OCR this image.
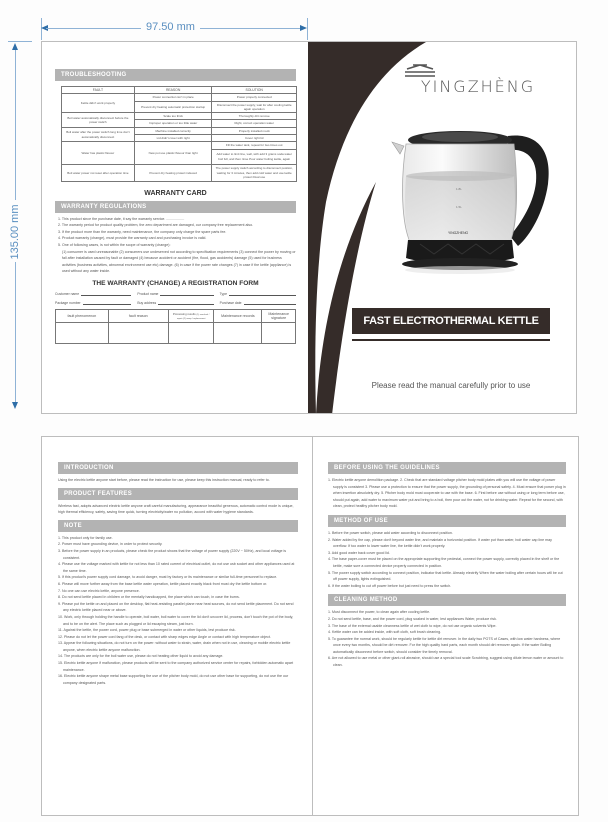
97.50 mm
135.00 mm
TROUBLESHOOTING
FAULT	REASON	SOLUTION
Kettle didn't work properly	Power connection isn't in place	Power properly connected
	Prevent dry heating automatic protection startup	Disconnect the power supply, wait for after cooling kettle again operation
Boil water automatically disconnect before the power switch	Scale too thick	Thoroughly dirt remove
	Improper operation or too little water	Right, correct operation water
Boil water after the power switch long time don't automatically disconnect	Machine installed correctly	Properly installed mock
	Lid didn't cover with right	Cover right lid
Water has plastic flavour	New pot use plastic flavour than light	Fill the water tank, repeat for two times out
		Add water to limit line, well, with add 3 grams soda water boil full, and then rinse Pour water boiling kettle, again
Boil water power not reset after operation time	Prevent dry heating protect indexed	The power supply switch according to disconnect position, waiting for 3 minutes, then add cold water and use kettle protect Dual use
WARRANTY CARD
WARRANTY REGULATIONS

1. This product since the purchase date, it say the warranty service. ..................

2. The warranty period for product quality problem, the zero department are damaged, our company free replacement also.

3. If the product more than the warranty, need maintenance, the company only charge the spare parts fee.

4. Product warranty (change), must provide the warranty card and purchasing invoice is valid.

5. One of following cases, is not within the scope of warranty (change):

(1) consumer is used unreasonable (2) consumers use undeserved not according to specification requirements (3) connect the power by moving or fall after installation caused by fault or damaged (4) because accident or accident (fire, flood, gas accidents) damage (5) used for business activities (business activities, abnormal environment use etc) damage. (6) in case if the power rate changes (7) in case if the kettle (appliance) is used without any water inside.

THE WARRANTY (CHANGE) A REGISTRATION FORM
Customer name	Product name	Type
Package number	Buy address	Purchase date
fault phenomenon	fault reason	Processing results (1) overhaul / repair (2) swap / replacement	Maintenance records	Maintenance signature

YINGZHÈNG
1.8L
1.5L
YINGZHENG
FAST ELECTROTHERMAL KETTLE INSTRUCTIONS
Please read the manual carefully prior to use
INTRODUCTION

Using the electric kettle anyone start before, please read the instruction for use, please keep this instruction manual, ready to refer to.

PRODUCT FEATURES

Wireless fast, adopts advanced electric kettle anyone craft careful manufacturing, appearance beautiful generous, automatic control mode is unique, high thermal efficiency, safety, saving time quick, turning electricity/water no pollution, accord with water hygiene standards.

NOTE

1. This product only for family use.

2. Power must have grounding device, in order to protect security.

3. Before the power supply in an products, please check the product shows that the voltage of power supply (220V ~ 50Hz), and local voltage is consistent.

4. Please use the voltage marked with kettle for not less than 10 rated current of electrical outlet, do not use usb socket and other appliances used at the same time.

5. If this product's power supply cord damage, to avoid danger, must by factory or its maintenance or similar full-time personnel to replace.

6. Please will move further away from the base kettle water operation, kettle placed exactly black front must dry the kettle bottom or.

7. No one can use electric kettle, anyone presence.

8. Do not send kettle placed in children or the mentally handicapped, the place which can touch, in case the burns.

9. Please put the kettle on and placed on the desktop, flat heat-resisting parallel plane near heat sources, do not send kettle placement. Do not send any electric kettle placed near or above.

10. Work, only through holding the handle to operate, boil water, boil water to cover the lid don't uncover lid, process, don't touch the pot of the body, and to be on the alert. The place such as plugged or lid escaping steam, just burn.

11. Against the kettle, the power cord, power plug or base submerged in water or other liquids, lest produce risk.

12. Please do not let the power cord fang of the desk, or contact with sharp edges edge Angle or contact with high temperature object.

13. Appear the following situations, do not turn on the power: without water to strain, water, drain when not in use, cleaning or mobile electric kettle anyone, when electric kettle anyone malfunction.

14. The products are only for the boil water use, please do not heating other liquid to avoid any damage.

15. Electric kettle anyone if malfunction, please products will be sent to the company authorized service center for repairs, forbidden automatic apart maintenance.

16. Electric kettle anyone shape metal base supporting the use of the pitcher body mold, do not use other base for supporting, do not use the our company designated parts.

BEFORE USING THE GUIDELINES

1. Electric kettle anyone demolition package. 2. Check that are standard voltage pitcher body mold plates with you will use the voltage of power supply is consistent 3. Please use a protection to ensure that the power supply, the grounding of personal safety. 4. Must ensure that power plug in when insertion absolutely dry. 5. Pitcher body mold must cooperate to use with the base. 6. First before use without using or long term before use, should put again, add water to maximum water put and bring to a boil, then pour out the water, not for drinking water. Repeat for the second, with clean, protect healthy pitcher body mold.

METHOD OF USE

1. Before the power switch, please add water according to disconnect position.

2. Water added by the cap, please don't beyond water line, and maintain a horizontal position. If water put than water, boil water cap line may overflow. If too water to lower water line, the kettle didn't work properly.

3. Add good water back cover good lid.

4. The base paper-cover must be placed on the appropriate supporting the pedestal, connect the power supply, correctly placed in the shelf or the kettle, make sure a connected device properly connected in position.

5. The power supply switch according to connect position, indicator that kettle. Already electrify When the water boiling after certain hours will be cut off power supply, lights extinguished.

6. If the water boiling to cut off power before but just need to press the switch.

CLEANING METHOD

1. Must disconnect the power, to clean again after cooling kettle.

2. Do not send kettle, base, and the power cord, plug soaked in water, lest appliances Water, produce risk.

3. The base of the external usable cleanness kettle of wet cloth to wipe, do not use organic solvents Wipe.

4. Kettle water can be added inside, with soft cloth, soft brush cleaning.

5. To guarantee the normal work, should be regularly kettle for kettle dirt remover. In the daily two POTS of Cases, with low water hardness, where once every two months, should be dirt remover. For the high quality hard parts, each month should dirt remover again. If the water Boiling automatically disconnect before switch, should consider the timely removal.

6. Are not allowed to use metal or other giant-roll abrasive, should use a special tool scale Scrubbing, suggest using dilute lemon water or amount to clean.
